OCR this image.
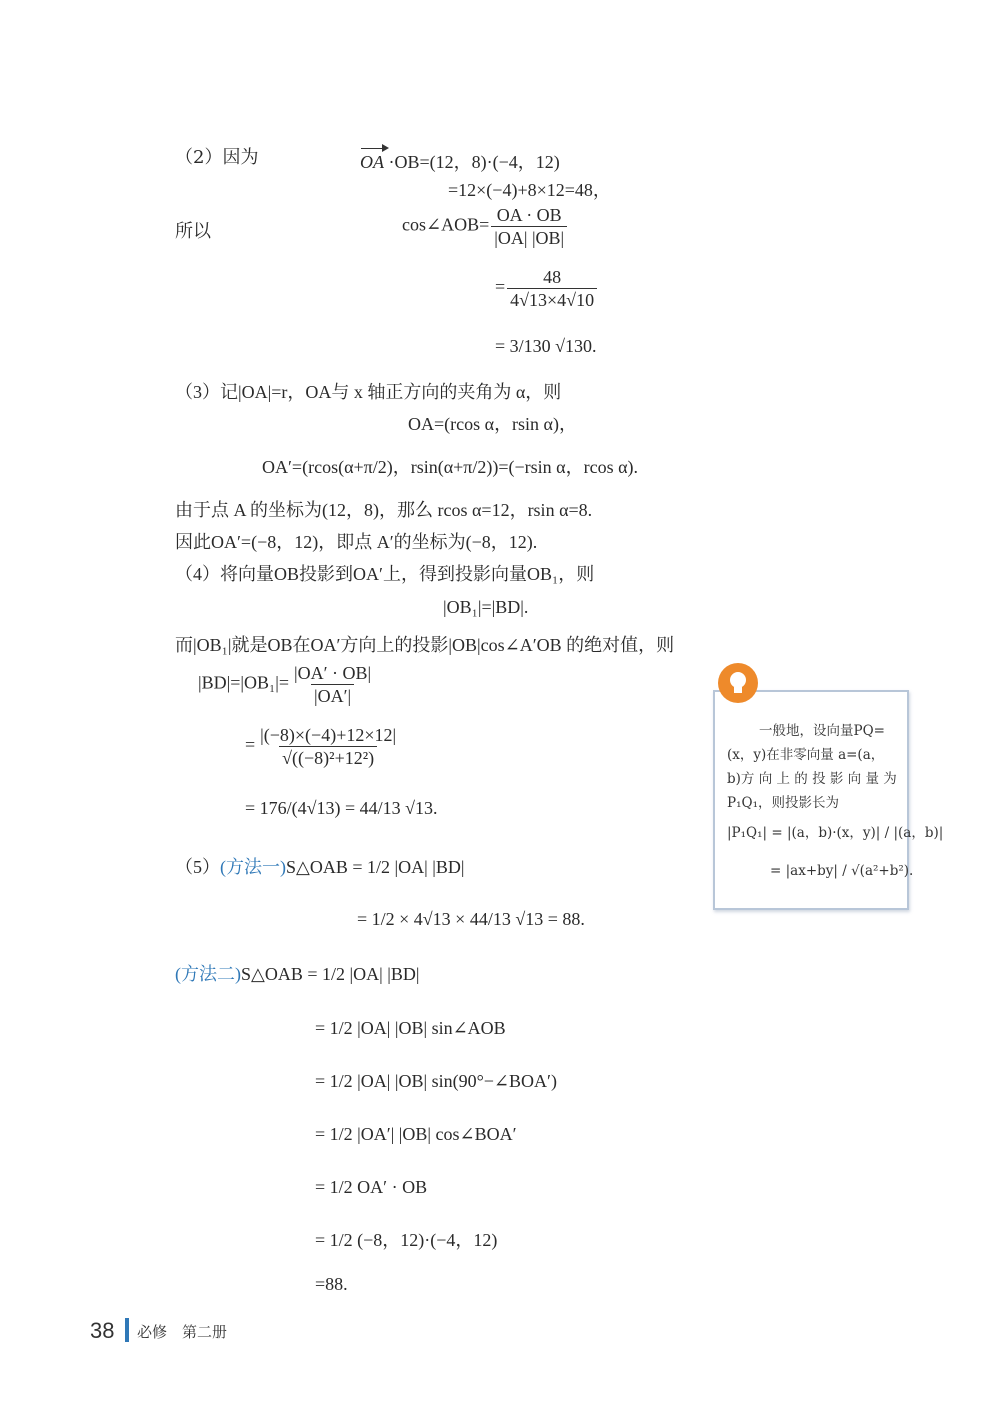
（2）因为	OA ·OB=(12，8)·(−4，12)
=12×(−4)+8×12=48，
所以	cos∠AOB= $\frac{OA \cdot OB}{|OA| |OB|}$
= $\frac{48}{4√13\times 4√10}$
= 3/130 √130.
（3）记|OA|=r，OA与 x 轴正方向的夹角为 α，则
OA=(rcos α，rsin α)，
OA′=(rcos(α+π/2)，rsin(α+π/2))=(−rsin α，rcos α).
由于点 A 的坐标为(12，8)，那么 rcos α=12，rsin α=8.
因此OA′=(−8，12)，即点 A′的坐标为(−8，12).
（4）将向量OB投影到OA′上，得到投影向量OB₁，则
|OB₁|=|BD|.
而|OB₁|就是OB在OA′方向上的投影|OB|cos∠A′OB 的绝对值，则
$|BD|=|OB_1|= \frac{|OA' \cdot OB|}{|OA'|}$
= $\frac{|(-8)\times(-4)+12\times 12|}{\text{√((−8)²+12²)}}$
= 176/(4√13) = 44/13 √13.
（5）(方法一)S△OAB = 1/2 |OA| |BD|
= 1/2 × 4√13 × 44/13 √13 = 88.
(方法二)S△OAB = 1/2 |OA| |BD|
= 1/2 |OA| |OB| sin∠AOB
= 1/2 |OA| |OB| sin(90°−∠BOA′)
= 1/2 |OA′| |OB| cos∠BOA′
= 1/2 OA′ · OB
= 1/2 (−8，12)·(−4，12)
=88.
一般地，设向量PQ=
(x，y)在非零向量 a=(a，
b)方 向 上 的 投 影 向 量 为
P₁Q₁，则投影长为
|P₁Q₁| = |(a，b)·(x，y)| / |(a，b)|
= |ax+by| / √(a²+b²).
38 必修　第二册
